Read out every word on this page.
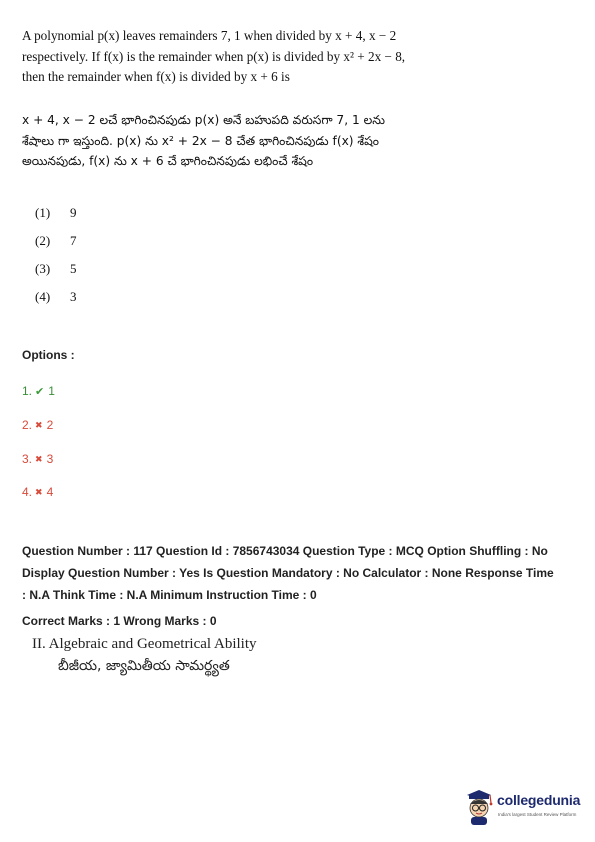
A polynomial p(x) leaves remainders 7, 1 when divided by x + 4, x − 2

respectively. If f(x) is the remainder when p(x) is divided by x² + 2x − 8,

then the remainder when f(x) is divided by x + 6 is

x + 4, x − 2 లచే భాగించినపుడు p(x) అనే బహుపది వరుసగా 7, 1 లను

శేషాలు గా ఇస్తుంది. p(x) ను x² + 2x − 8 చేత భాగించినపుడు f(x) శేషం

అయినపుడు, f(x) ను x + 6 చే భాగించినపుడు లభించే శేషం

(1)	9
(2)	7
(3)	5
(4)	3
Options :
1. ✔ 1
2. ✖ 2
3. ✖ 3
4. ✖ 4

Question Number : 117 Question Id : 7856743034 Question Type : MCQ Option Shuffling : No

Display Question Number : Yes Is Question Mandatory : No Calculator : None Response Time

: N.A Think Time : N.A Minimum Instruction Time : 0

Correct Marks : 1 Wrong Marks : 0
II. Algebraic and Geometrical Ability
బీజీయ, జ్యామితీయ సామర్థ్యత
collegedunia
India's largest Student Review Platform
